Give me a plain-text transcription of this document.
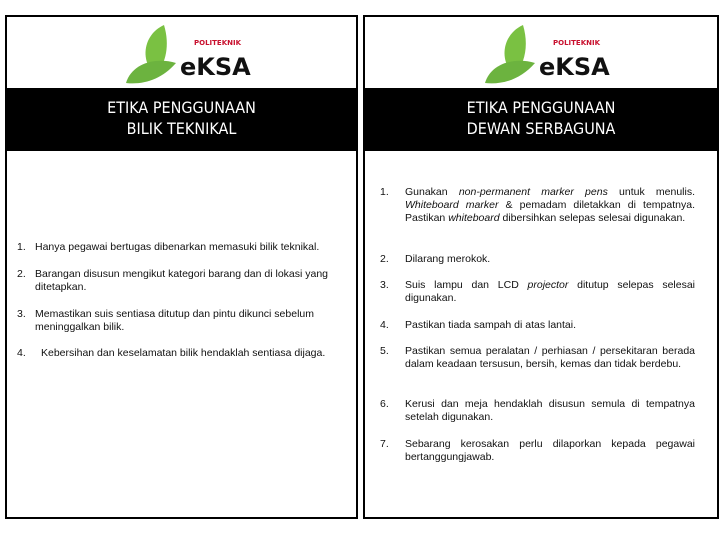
POLITEKNIK
eKSA
ETIKA PENGGUNAAN
BILIK TEKNIKAL
1. Hanya pegawai bertugas dibenarkan memasuki bilik teknikal.
2. Barangan disusun mengikut kategori barang dan di lokasi yang ditetapkan.
3. Memastikan suis sentiasa ditutup dan pintu dikunci sebelum meninggalkan bilik.
4. Kebersihan dan keselamatan bilik hendaklah sentiasa dijaga.
POLITEKNIK
eKSA
ETIKA PENGGUNAAN
DEWAN SERBAGUNA
1. Gunakan non-permanent marker pens untuk menulis. Whiteboard marker & pemadam diletakkan di tempatnya. Pastikan whiteboard dibersihkan selepas selesai digunakan.
2. Dilarang merokok.
3. Suis lampu dan LCD projector ditutup selepas selesai digunakan.
4. Pastikan tiada sampah di atas lantai.
5. Pastikan semua peralatan / perhiasan / persekitaran berada dalam keadaan tersusun, bersih, kemas dan tidak berdebu.
6. Kerusi dan meja hendaklah disusun semula di tempatnya setelah digunakan.
7. Sebarang kerosakan perlu dilaporkan kepada pegawai bertanggungjawab.
